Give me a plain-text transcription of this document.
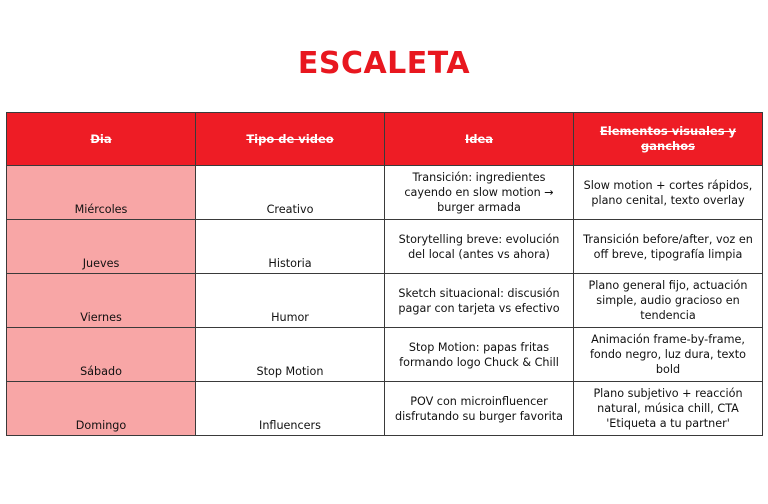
ESCALETA
Dia	Tipo de video	Idea	Elementos visuales y ganchos
Miércoles	Creativo	Transición: ingredientes cayendo en slow motion → burger armada	Slow motion + cortes rápidos, plano cenital, texto overlay
Jueves	Historia	Storytelling breve: evolución del local (antes vs ahora)	Transición before/after, voz en off breve, tipografía limpia
Viernes	Humor	Sketch situacional: discusión pagar con tarjeta vs efectivo	Plano general fijo, actuación simple, audio gracioso en tendencia
Sábado	Stop Motion	Stop Motion: papas fritas formando logo Chuck & Chill	Animación frame-by-frame, fondo negro, luz dura, texto bold
Domingo	Influencers	POV con microinfluencer disfrutando su burger favorita	Plano subjetivo + reacción natural, música chill, CTA 'Etiqueta a tu partner'
